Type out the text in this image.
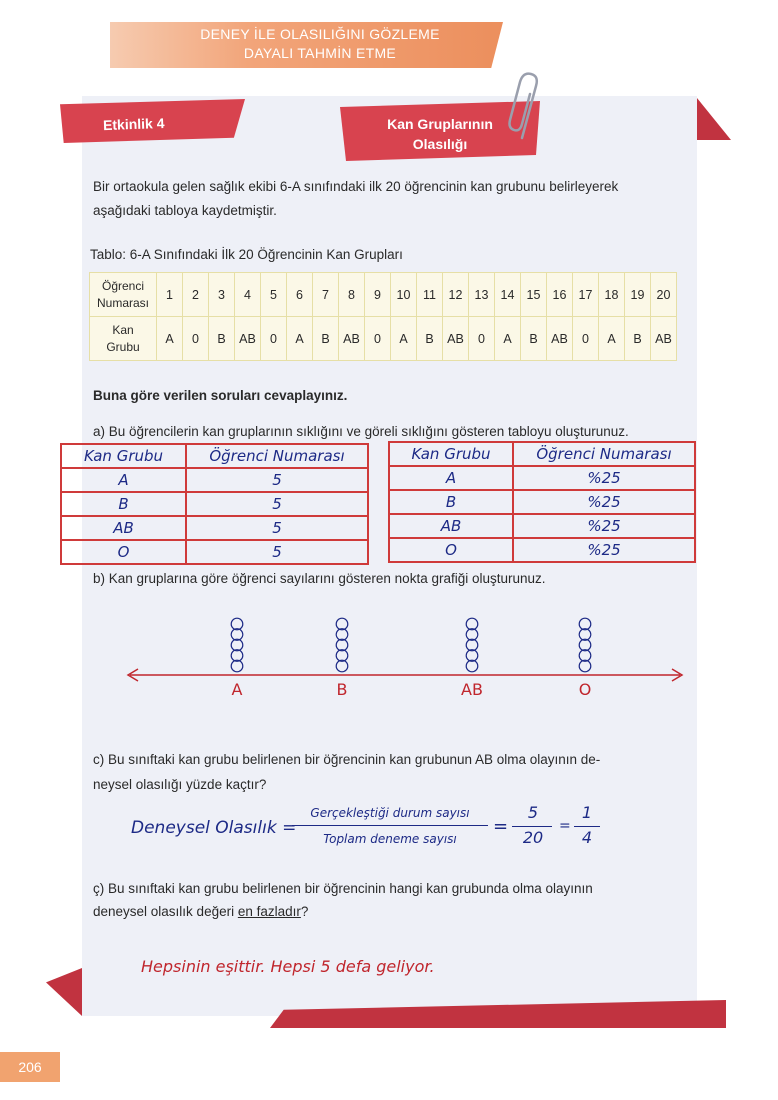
DENEY İLE OLASILIĞINI GÖZLEME
DAYALI TAHMİN ETME
Etkinlik 4	Kan Gruplarının
Olasılığı

Bir ortaokula gelen sağlık ekibi 6-A sınıfındaki ilk 20 öğrencinin kan grubunu belirleyerek

aşağıdaki tabloya kaydetmiştir.

Tablo: 6-A Sınıfındaki İlk 20 Öğrencinin Kan Grupları

Öğrenci
Numarası	1	2	3	4	5	6	7	8	9	10	11	12	13	14	15	16	17	18	19	20

Kan
Grubu	A	0	B	AB	0	A	B	AB	0	A	B	AB	0	A	B	AB	0	A	B	AB

Buna göre verilen soruları cevaplayınız.

a) Bu öğrencilerin kan gruplarının sıklığını ve göreli sıklığını gösteren tabloyu oluşturunuz.

Kan Grubu	Öğrenci Numarası
A	5
B	5
AB	5
O	5
Kan Grubu	Öğrenci Numarası
A	%25
B	%25
AB	%25
O	%25

b) Kan gruplarına göre öğrenci sayılarını gösteren nokta grafiği oluşturunuz.

A	B	AB	O

c) Bu sınıftaki kan grubu belirlenen bir öğrencinin kan grubunun AB olma olayının de-

neysel olasılığı yüzde kaçtır?

Deneysel Olasılık =
Gerçekleştiği durum sayısı
Toplam deneme sayısı
=
5
20
=
1
4

ç) Bu sınıftaki kan grubu belirlenen bir öğrencinin hangi kan grubunda olma olayının

deneysel olasılık değeri en fazladır?

Hepsinin eşittir. Hepsi 5 defa geliyor.
206
